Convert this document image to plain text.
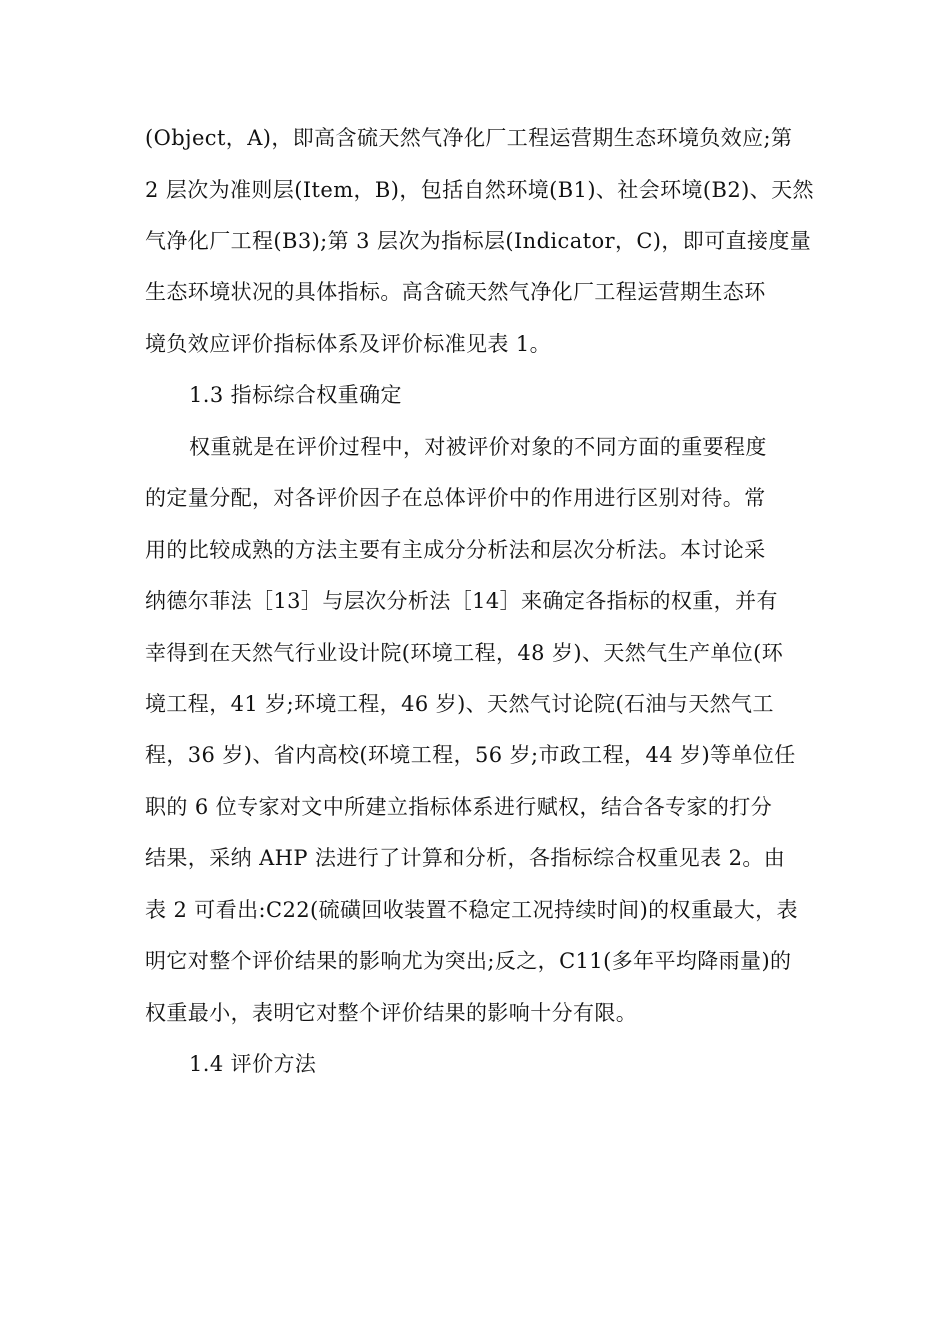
(Object，A)，即高含硫天然气净化厂工程运营期生态环境负效应;第
2 层次为准则层(Item，B)，包括自然环境(B1)、社会环境(B2)、天然
气净化厂工程(B3);第 3 层次为指标层(Indicator，C)，即可直接度量
生态环境状况的具体指标。高含硫天然气净化厂工程运营期生态环
境负效应评价指标体系及评价标准见表 1。
1.3 指标综合权重确定
权重就是在评价过程中，对被评价对象的不同方面的重要程度
的定量分配，对各评价因子在总体评价中的作用进行区别对待。常
用的比较成熟的方法主要有主成分分析法和层次分析法。本讨论采
纳德尔菲法［13］与层次分析法［14］来确定各指标的权重，并有
幸得到在天然气行业设计院(环境工程，48 岁)、天然气生产单位(环
境工程，41 岁;环境工程，46 岁)、天然气讨论院(石油与天然气工
程，36 岁)、省内高校(环境工程，56 岁;市政工程，44 岁)等单位任
职的 6 位专家对文中所建立指标体系进行赋权，结合各专家的打分
结果，采纳 AHP 法进行了计算和分析，各指标综合权重见表 2。由
表 2 可看出:C22(硫磺回收装置不稳定工况持续时间)的权重最大，表
明它对整个评价结果的影响尤为突出;反之，C11(多年平均降雨量)的
权重最小，表明它对整个评价结果的影响十分有限。
1.4 评价方法
